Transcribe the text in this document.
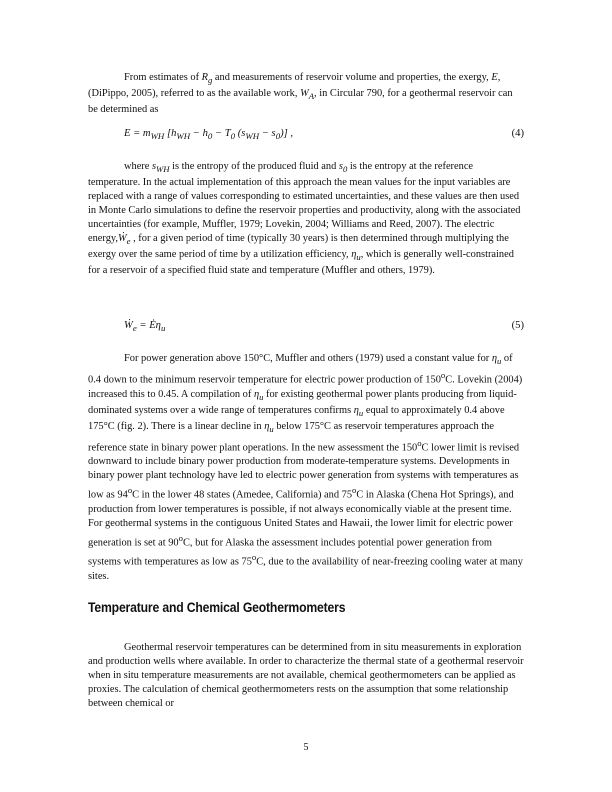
From estimates of $R_g$ and measurements of reservoir volume and properties, the exergy, E, (DiPippo, 2005), referred to as the available work, $W_A$, in Circular 790, for a geothermal reservoir can be determined as

$E = m_{WH}$ [$h_{WH} - h_0 - T_0$ $(s_{WH} - s_0)$] ,	(4)

where $s_{WH}$ is the entropy of the produced fluid and $s_0$ is the entropy at the reference temperature. In the actual implementation of this approach the mean values for the input variables are replaced with a range of values corresponding to estimated uncertainties, and these values are then used in Monte Carlo simulations to define the reservoir properties and productivity, along with the associated uncertainties (for example, Muffler, 1979; Lovekin, 2004; Williams and Reed, 2007). The electric energy,Ẇ$_e$ , for a given period of time (typically 30 years) is then determined through multiplying the exergy over the same period of time by a utilization efficiency, $\eta_u$, which is generally well-constrained for a reservoir of a specified fluid state and temperature (Muffler and others, 1979).

Ẇ$_e$ = $Ė\eta_u$	(5)

For power generation above 150°C, Muffler and others (1979) used a constant value for $\eta_u$ of 0.4 down to the minimum reservoir temperature for electric power production of 150$^o$C. Lovekin (2004) increased this to 0.45. A compilation of $\eta_u$ for existing geothermal power plants producing from liquid-dominated systems over a wide range of temperatures confirms $\eta_u$ equal to approximately 0.4 above 175°C (fig. 2). There is a linear decline in $\eta_u$ below 175°C as reservoir temperatures approach the reference state in binary power plant operations. In the new assessment the 150$^o$C lower limit is revised downward to include binary power production from moderate-temperature systems. Developments in binary power plant technology have led to electric power generation from systems with temperatures as low as 94$^o$C in the lower 48 states (Amedee, California) and 75$^o$C in Alaska (Chena Hot Springs), and production from lower temperatures is possible, if not always economically viable at the present time. For geothermal systems in the contiguous United States and Hawaii, the lower limit for electric power generation is set at 90$^o$C, but for Alaska the assessment includes potential power generation from systems with temperatures as low as 75$^o$C, due to the availability of near-freezing cooling water at many sites.

Temperature and Chemical Geothermometers

Geothermal reservoir temperatures can be determined from in situ measurements in exploration and production wells where available. In order to characterize the thermal state of a geothermal reservoir when in situ temperature measurements are not available, chemical geothermometers can be applied as proxies. The calculation of chemical geothermometers rests on the assumption that some relationship between chemical or

5
